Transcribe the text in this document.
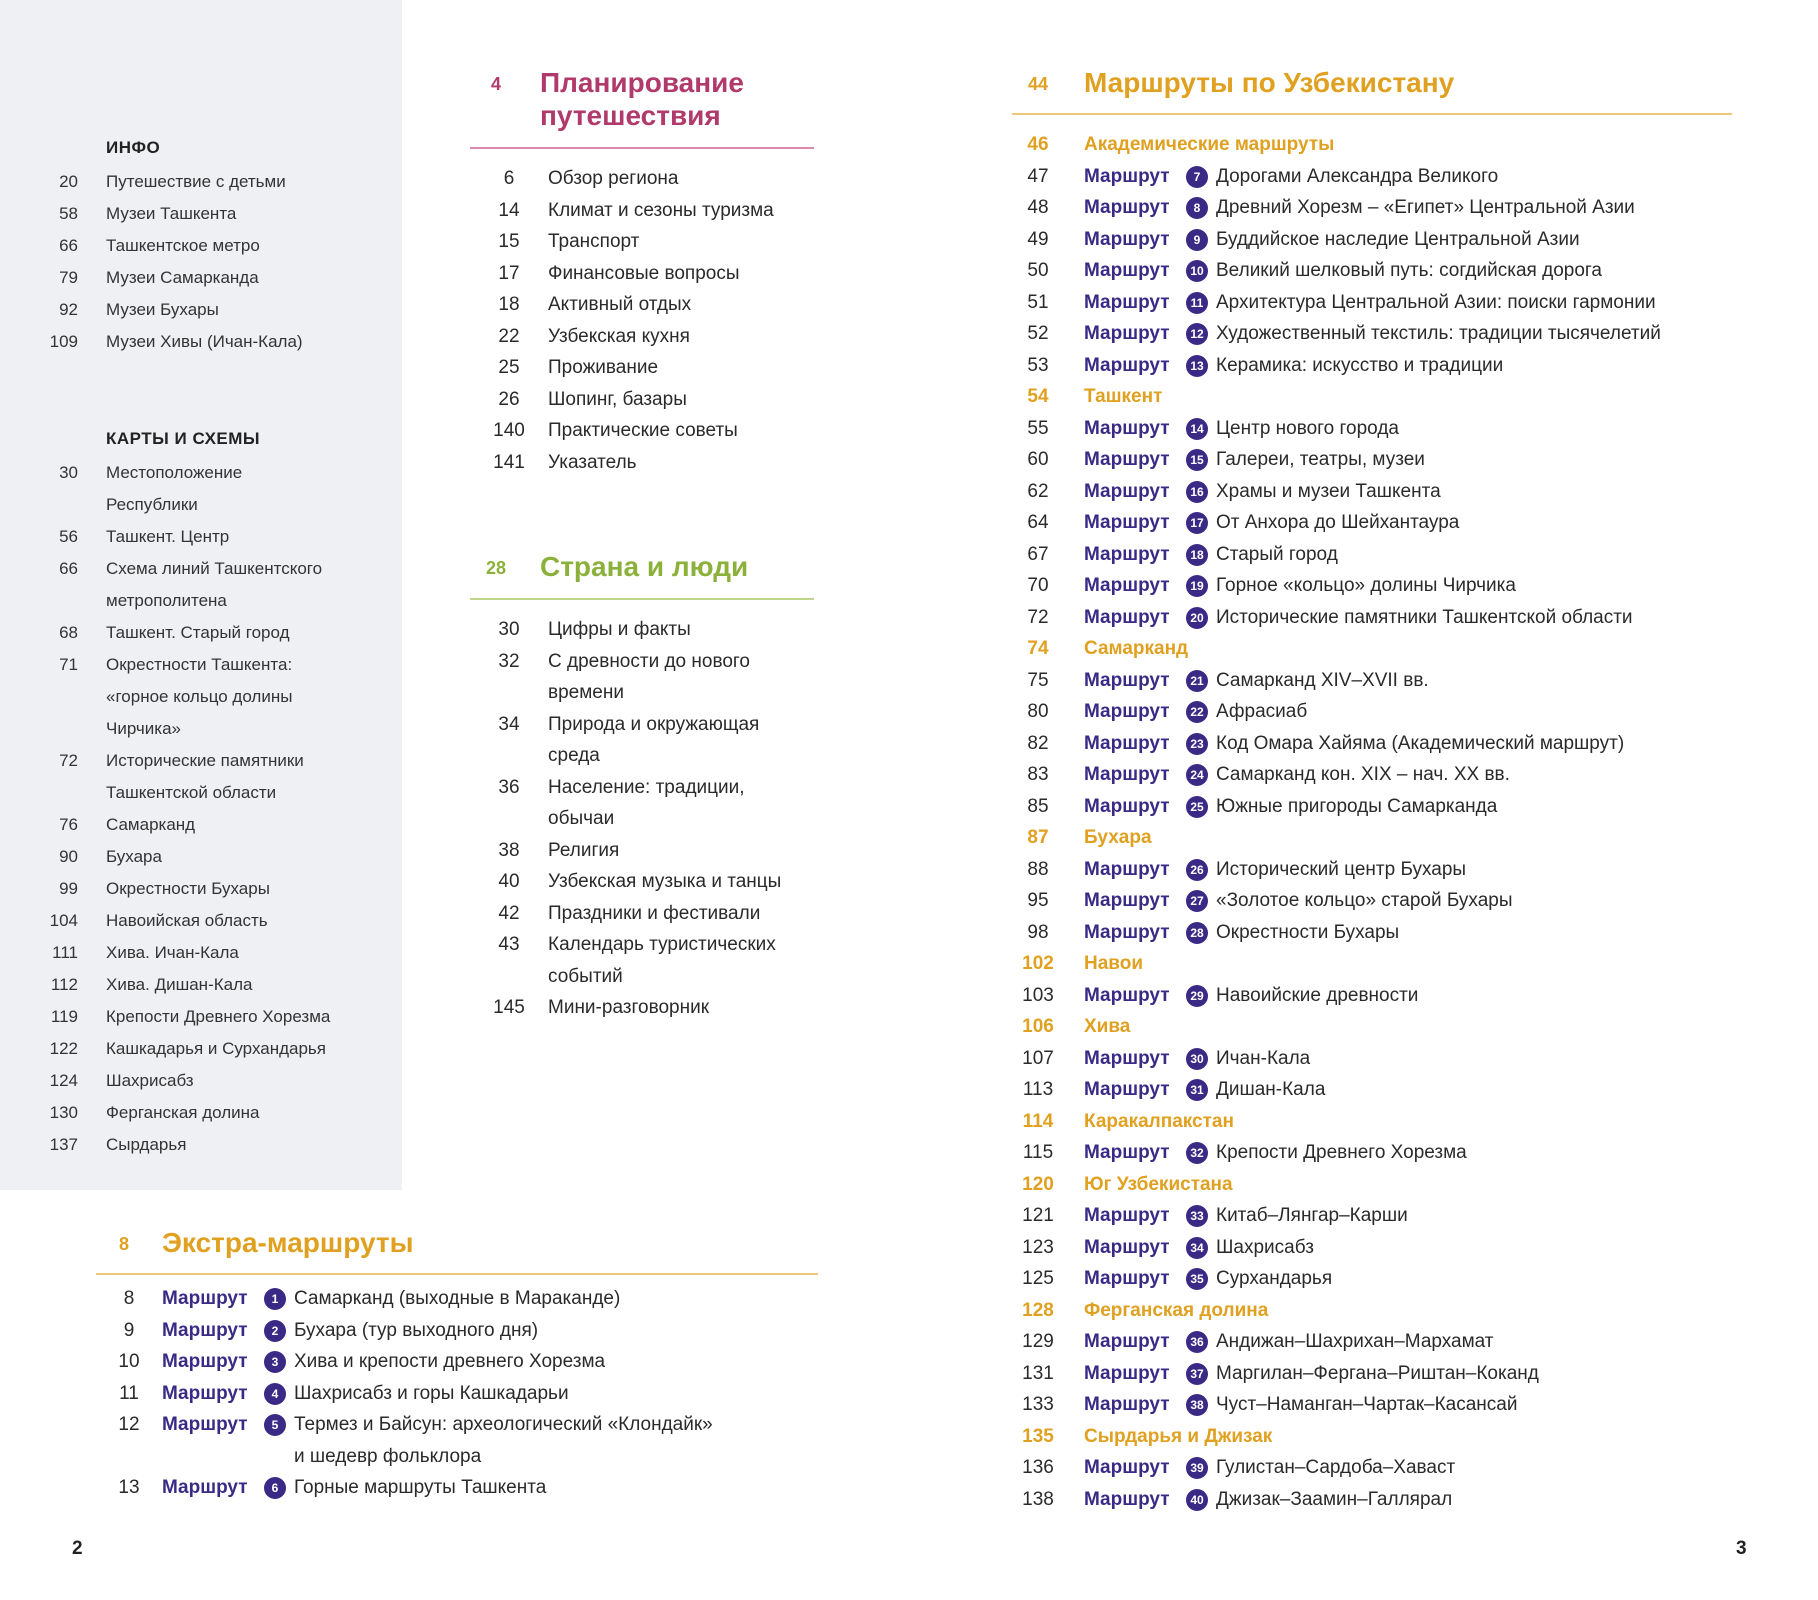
ИНФО
20	Путешествие с детьми
58	Музеи Ташкента
66	Ташкентское метро
79	Музеи Самарканда
92	Музеи Бухары
109	Музеи Хивы (Ичан-Кала)
КАРТЫ И СХЕМЫ
30	Местоположение
Республики
56	Ташкент. Центр
66	Схема линий Ташкентского
метрополитена
68	Ташкент. Старый город
71	Окрестности Ташкента:
«горное кольцо долины
Чирчика»
72	Исторические памятники
Ташкентской области
76	Самарканд
90	Бухара
99	Окрестности Бухары
104	Навоийская область
111	Хива. Ичан-Кала
112	Хива. Дишан-Кала
119	Крепости Древнего Хорезма
122	Кашкадарья и Сурхандарья
124	Шахрисабз
130	Ферганская долина
137	Сырдарья
4	Планирование
путешествия
6	Обзор региона
14	Климат и сезоны туризма
15	Транспорт
17	Финансовые вопросы
18	Активный отдых
22	Узбекская кухня
25	Проживание
26	Шопинг, базары
140	Практические советы
141	Указатель
28	Страна и люди
30	Цифры и факты
32	С древности до нового
времени
34	Природа и окружающая
среда
36	Население: традиции,
обычаи
38	Религия
40	Узбекская музыка и танцы
42	Праздники и фестивали
43	Календарь туристических
событий
145	Мини-разговорник
8	Экстра-маршруты
8	Маршрут	1 Самарканд (выходные в Мараканде)
9	Маршрут	2 Бухара (тур выходного дня)
10	Маршрут	3 Хива и крепости древнего Хорезма
11	Маршрут	4 Шахрисабз и горы Кашкадарьи
12	Маршрут	5 Термез и Байсун: археологический «Клондайк»
и шедевр фольклора
13	Маршрут	6 Горные маршруты Ташкента
44	Маршруты по Узбекистану
46	Академические маршруты
47	Маршрут	7 Дорогами Александра Великого
48	Маршрут	8 Древний Хорезм – «Египет» Центральной Азии
49	Маршрут	9 Буддийское наследие Центральной Азии
50	Маршрут	10 Великий шелковый путь: согдийская дорога
51	Маршрут	11 Архитектура Центральной Азии: поиски гармонии
52	Маршрут	12 Художественный текстиль: традиции тысячелетий
53	Маршрут	13 Керамика: искусство и традиции
54	Ташкент
55	Маршрут	14 Центр нового города
60	Маршрут	15 Галереи, театры, музеи
62	Маршрут	16 Храмы и музеи Ташкента
64	Маршрут	17 От Анхора до Шейхантаура
67	Маршрут	18 Старый город
70	Маршрут	19 Горное «кольцо» долины Чирчика
72	Маршрут	20 Исторические памятники Ташкентской области
74	Самарканд
75	Маршрут	21 Самарканд XIV–XVII вв.
80	Маршрут	22 Афрасиаб
82	Маршрут	23 Код Омара Хайяма (Академический маршрут)
83	Маршрут	24 Самарканд кон. XIX – нач. XX вв.
85	Маршрут	25 Южные пригороды Самарканда
87	Бухара
88	Маршрут	26 Исторический центр Бухары
95	Маршрут	27 «Золотое кольцо» старой Бухары
98	Маршрут	28 Окрестности Бухары
102	Навои
103	Маршрут	29 Навоийские древности
106	Хива
107	Маршрут	30 Ичан-Кала
113	Маршрут	31 Дишан-Кала
114	Каракалпакстан
115	Маршрут	32 Крепости Древнего Хорезма
120	Юг Узбекистана
121	Маршрут	33 Китаб–Лянгар–Карши
123	Маршрут	34 Шахрисабз
125	Маршрут	35 Сурхандарья
128	Ферганская долина
129	Маршрут	36 Андижан–Шахрихан–Мархамат
131	Маршрут	37 Маргилан–Фергана–Риштан–Коканд
133	Маршрут	38 Чуст–Наманган–Чартак–Касансай
135	Сырдарья и Джизак
136	Маршрут	39 Гулистан–Сардоба–Хаваст
138	Маршрут	40 Джизак–Заамин–Галлярал
2	3
